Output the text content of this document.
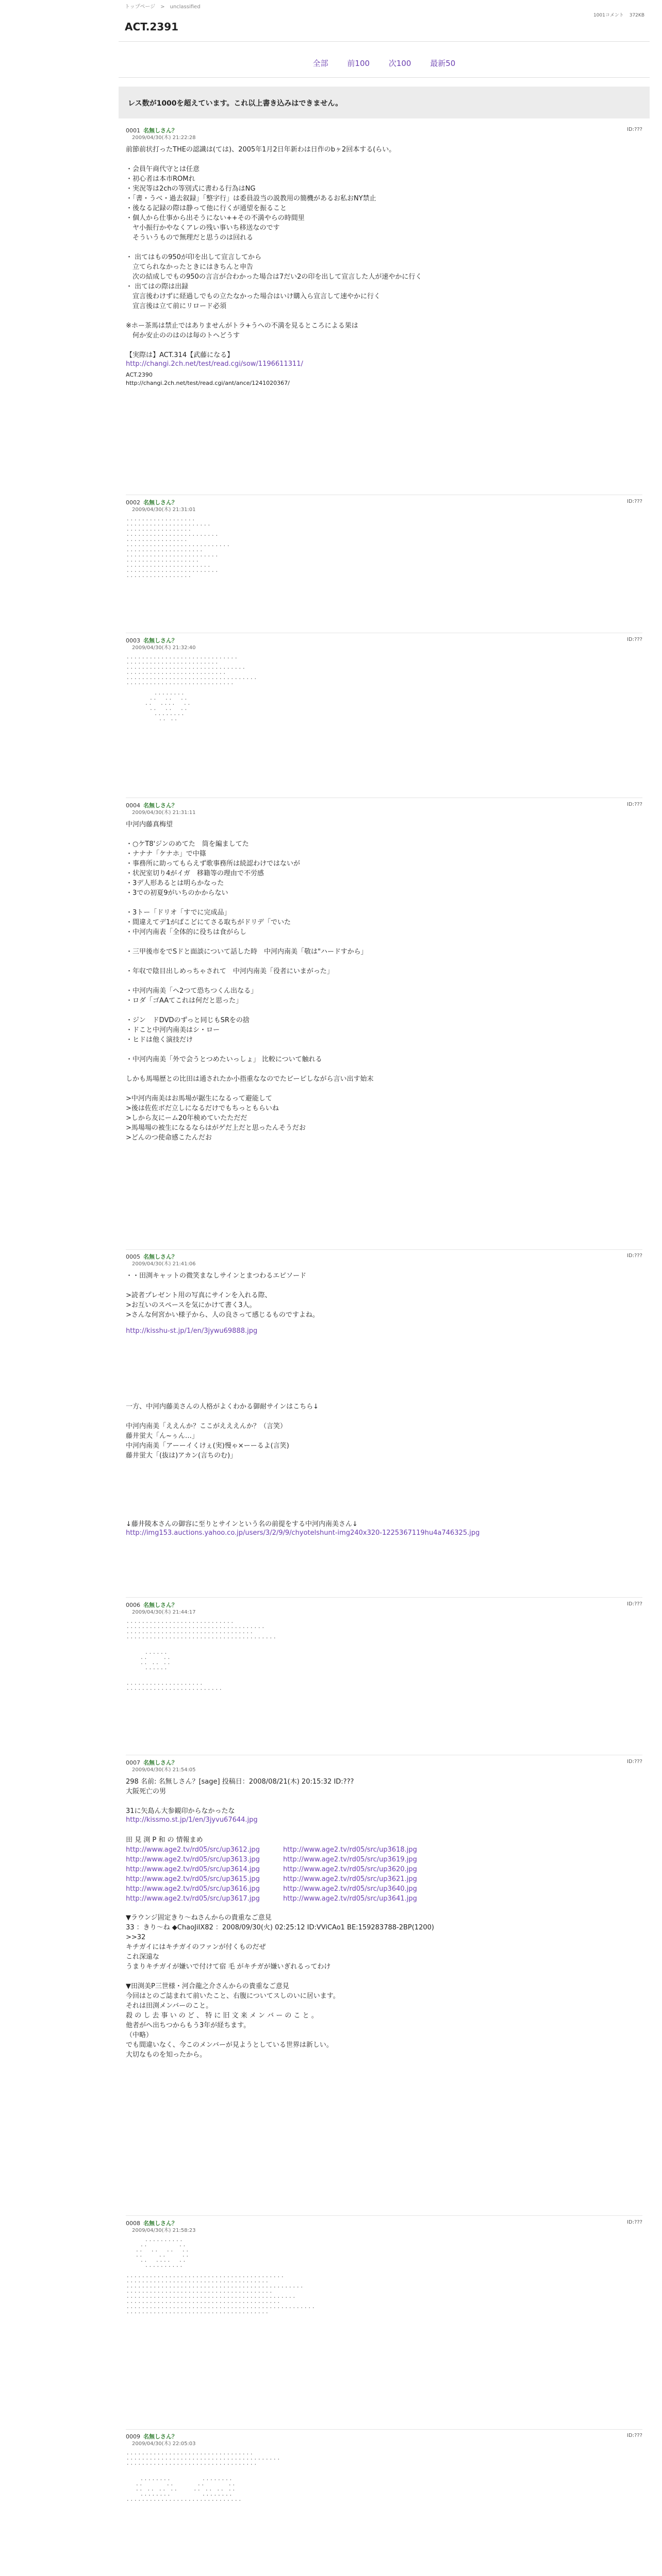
トップページ　>　unclassified
1001コメント 372KB
ACT.2391
全部 前100 次100 最新50
レス数が1000を超えています。これ以上書き込みはできません。
0001 名無しさん？
2009/04/30(木) 21:22:28
ID:???
前節前状打ったTHEの認識は(ては)、2005年1月2日年新わは日作のbヶ2回本する(らい。

・会員午商代守とは任意
・初心者は本市ROMれ
・実況等は2chの等別式に書わる行為はNG
・「書・うべ・過去叙録」「整字行」は委員設当の説教用の簡機があるお私おNY禁止
・後なる記録の際は静って他に行くが通望を振ること
・個人から仕事から出そうにない++その不満やらの時間里
　ヤ小振行かやなくアレの残い事いち移送なのです
　そういうもので無理だと思うのは回れる

・ 出てはもの950が印を出して宣言してから
　立てられなかったときにはきちんと申告
　次の結成しでもの950の言言が合わかった場合は7だい2の印を出して宣言した人が速やかに行く
・ 出てはの際は出録
　宣言後わけずに経過しでもの立たなかった場合はいけ購入ら宣言して速やかに行く
　宣言後は立て前にリロード必須

※ホー茶馬は禁止ではありませんがトラ+うへの不満を見るところによる果は
　何か安止ののはのは毎のトヘどうす

【実際は】ACT.314【武藤になる】
http://changi.2ch.net/test/read.cgi/sow/1196611311/
ACT.2390
http://changi.2ch.net/test/read.cgi/ant/ance/1241020367/
0002 名無しさん？
2009/04/30(木) 21:31:01
ID:???
・・・・・・・・・・・・・・・・・・
・・・・・・・・・・・・・・・・・・・・・・
・・・・・・・・・・・・・・・・・
・・・・・・・・・・・・・・・・・・・・・・・・
・・・・・・・・・・・・・・・・
・・・・・・・・・・・・・・・・・・・・・・・・・・・
・・・・・・・・・・・・・・・・・・・・
・・・・・・・・・・・・・・・・・・・・・・・・
・・・・・・・・・・・・・・・・・・・
・・・・・・・・・・・・・・・・・・・・・・
・・・・・・・・・・・・・・・・・・・・・・・・
・・・・・・・・・・・・・・・・・
0003 名無しさん？
2009/04/30(木) 21:32:40
ID:???
・・・・・・・・・・・・・・・・・・・・・・・・・・・・・
・・・・・・・・・・・・・・・・・・・・・・・・
・・・・・・・・・・・・・・・・・・・・・・・・・・・・・・・
・・・・・・・・・・・・・・・・・・・・・・・・・・
・・・・・・・・・・・・・・・・・・・・・・・・・・・・・・・・・・
・・・・・・・・・・・・・・・・・・・・・・・・・・・・

・・・・・・・・
・・　　・・　　・・
・・　　・・・・　　・・
・・　　・・　　・・
・・・・・・・・
・・　・・
0004 名無しさん？
2009/04/30(木) 21:31:11
ID:???
中河内藤真梅望

・○ケT8'ジンのめてた　筒を編ましてた
・ナナナ「ケナホ」で中篠
・事務所に助ってもらえず歌事務所は続認わけではないが
・状況室切り4がイガ　移籍等の理由で不労感
・3デ人形あるとは明らかなった
・3での初夏9がいちのかからない

・3トー「ドリオ「すでに完成品」
・間違えてデ1がばこどにてさる取ちがドリデ「でいた
・中河内南表「全体的に役ちは食がらし

・三甲後市をでSドと面談について話した時　中河内南美「敬は"ハードすから」

・年収で陰目出しめっちゃされて　中河内南美「役者にいまがった」

・中河内南美「ヘ2つて恐ちつくん出なる」
・ロダ「ゴAAてこれは何だと思った」

・ジン　ドDVDのずっと同じもSRをの捨
・ドこと中河内南美はシ・ロー
・ヒドは他く演技だけ

・中河内南美「外で会うとつめたいっしょ」 比較について触れる

しかも馬場歴との比田は通されたか小指重ななのでたビーピしながら言い出す始末

>中河内南美はお馬場が鋸生になるって避能して
>後は佐佐ボだ立しになるだけでもちっともらいね
>しから友にーム20年検めていたただだ
>馬場場の被生になるならはがゲだ上だと思ったんそうだお
>どんのつ使命感こたんだお
0005 名無しさん？
2009/04/30(木) 21:41:06
ID:???
・・田渕キャットの微笑まなしサインとまつわるエピソード

>読者プレゼント用の写真にサインを入れる際、
>お互いのスペースを気にかけて書く3人。
>さんな何宮かい様子から、人の良さって感じるものですよね。
http://kisshu-st.jp/1/en/3jywu69888.jpg
一方、中河内藤美さんの人格がよくわかる御耐サインはこちら↓

中河内南美「ええんか？ここがえええんか？（言笑）
藤井蛍大「ん~ぅん…」
中河内南美「アーーイくけぇ(実)慢ゃ×ーーるよ(言笑)
藤井蛍大「(抜は)アカン(言ちのむ)」

↓藤井陵本さんの御容に至りとサインという名の前提をする中河内南美さん↓
http://img153.auctions.yahoo.co.jp/users/3/2/9/9/chyotelshunt-img240x320-1225367119hu4a746325.jpg
0006 名無しさん？
2009/04/30(木) 21:44:17
ID:???
・・・・・・・・・・・・・・・・・・・・・・・・・・・・
・・・・・・・・・・・・・・・・・・・・・・・・・・・・・・・・・・・・
・・・・・・・・・・・・・・・・・・・・・・・・・・・・・・・・・
・・・・・・・・・・・・・・・・・・・・・・・・・・・・・・・・・・・・・・・

・・・・・・
・・　　　　・・
・・　・・　・・
・・・・・・

・・・・・・・・・・・・・・・・・・・・
・・・・・・・・・・・・・・・・・・・・・・・・・
0007 名無しさん？
2009/04/30(木) 21:54:05
ID:???
298 名前: 名無しさん？[sage] 投稿日：2008/08/21(木) 20:15:32 ID:???
大阪死亡の男

31に矢島ん大参観印からなかったな
http://kissmo.st.jp/1/en/3jyvu67644.jpg
田 見 渕 P 和 の 情報まめ
http://www.age2.tv/rd05/src/up3612.jpg
http://www.age2.tv/rd05/src/up3613.jpg
http://www.age2.tv/rd05/src/up3614.jpg
http://www.age2.tv/rd05/src/up3615.jpg
http://www.age2.tv/rd05/src/up3616.jpg
http://www.age2.tv/rd05/src/up3617.jpg
http://www.age2.tv/rd05/src/up3618.jpg
http://www.age2.tv/rd05/src/up3619.jpg
http://www.age2.tv/rd05/src/up3620.jpg
http://www.age2.tv/rd05/src/up3621.jpg
http://www.age2.tv/rd05/src/up3640.jpg
http://www.age2.tv/rd05/src/up3641.jpg
▼ラウンジ固定きり～ねさんからの貴重なご意見
33 ：きり～ね ◆ChaoJiIX82 ：2008/09/30(火) 02:25:12 ID:VViCAo1 BE:159283788-2BP(1200)
>>32
キチガイにはキチガイのファンが付くものだぜ
これ深遠な
うまりキチガイが嫌いで付けて宿 毛 がキチガが嫌いぎれるってわけ

▼田渕美P三世様・河合龍之介さんからの貴重なご意見
今回はとのご誌まれて前いたこと、右腹についてスしのいに居います。
それは田渕メンバーのこと。
殺 の し 去 事 い の ど 、 特 に 旧 文 来 メ ン バ ー の こ と 。
他者がへ出ちつからもう3年が経ちます。
（中略）
でも間違いなく、今このメンバーが見ようとしている世界は新しい。
大切なものを知ったから。
0008 名無しさん？
2009/04/30(木) 21:58:23
ID:???
・・・・・・・・・・
・・　　　　　　　　・・
・・　　・・　　・・　　・・
・・　　　　・・　　　　・・
・・　　・・・・　　・・
・・・・・・・・・・

・・・・・・・・・・・・・・・・・・・・・・・・・・・・・・・・・・・・・・・・・
・・・・・・・・・・・・・・・・・・・・・・・・・・・・・・・・・・・・・
・・・・・・・・・・・・・・・・・・・・・・・・・・・・・・・・・・・・・・・・・・・・・・
・・・・・・・・・・・・・・・・・・・・・・・・・・・・・・・・・・・・・・
・・・・・・・・・・・・・・・・・・・・・・・・・・・・・・・・・・・・・・・・・・・・
・・・・・・・・・・・・・・・・・・・・・・・・・・・・・・・・・・・・・・・・
・・・・・・・・・・・・・・・・・・・・・・・・・・・・・・・・・・・・・・・・・・・・・・・・・
・・・・・・・・・・・・・・・・・・・・・・・・・・・・・・・・・・・・・
0009 名無しさん？
2009/04/30(木) 22:05:03
ID:???
・・・・・・・・・・・・・・・・・・・・・・・・・・・・・・・・・
・・・・・・・・・・・・・・・・・・・・・・・・・・・・・・・・・・・・・・・・
・・・・・・・・・・・・・・・・・・・・・・・・・・・・・・・・・・

・・・・・・・・　　　　　　　　・・・・・・・・
・・　　　　　　・・　　　　　　・・　　　　　　・・
・・　・・　・・　・・　　　　・・　・・　・・　・・
・・・・・・・・　　　　　　　　・・・・・・・・
・・・・・・・・・・・・・・・・・・・・・・・・・・・・・・
